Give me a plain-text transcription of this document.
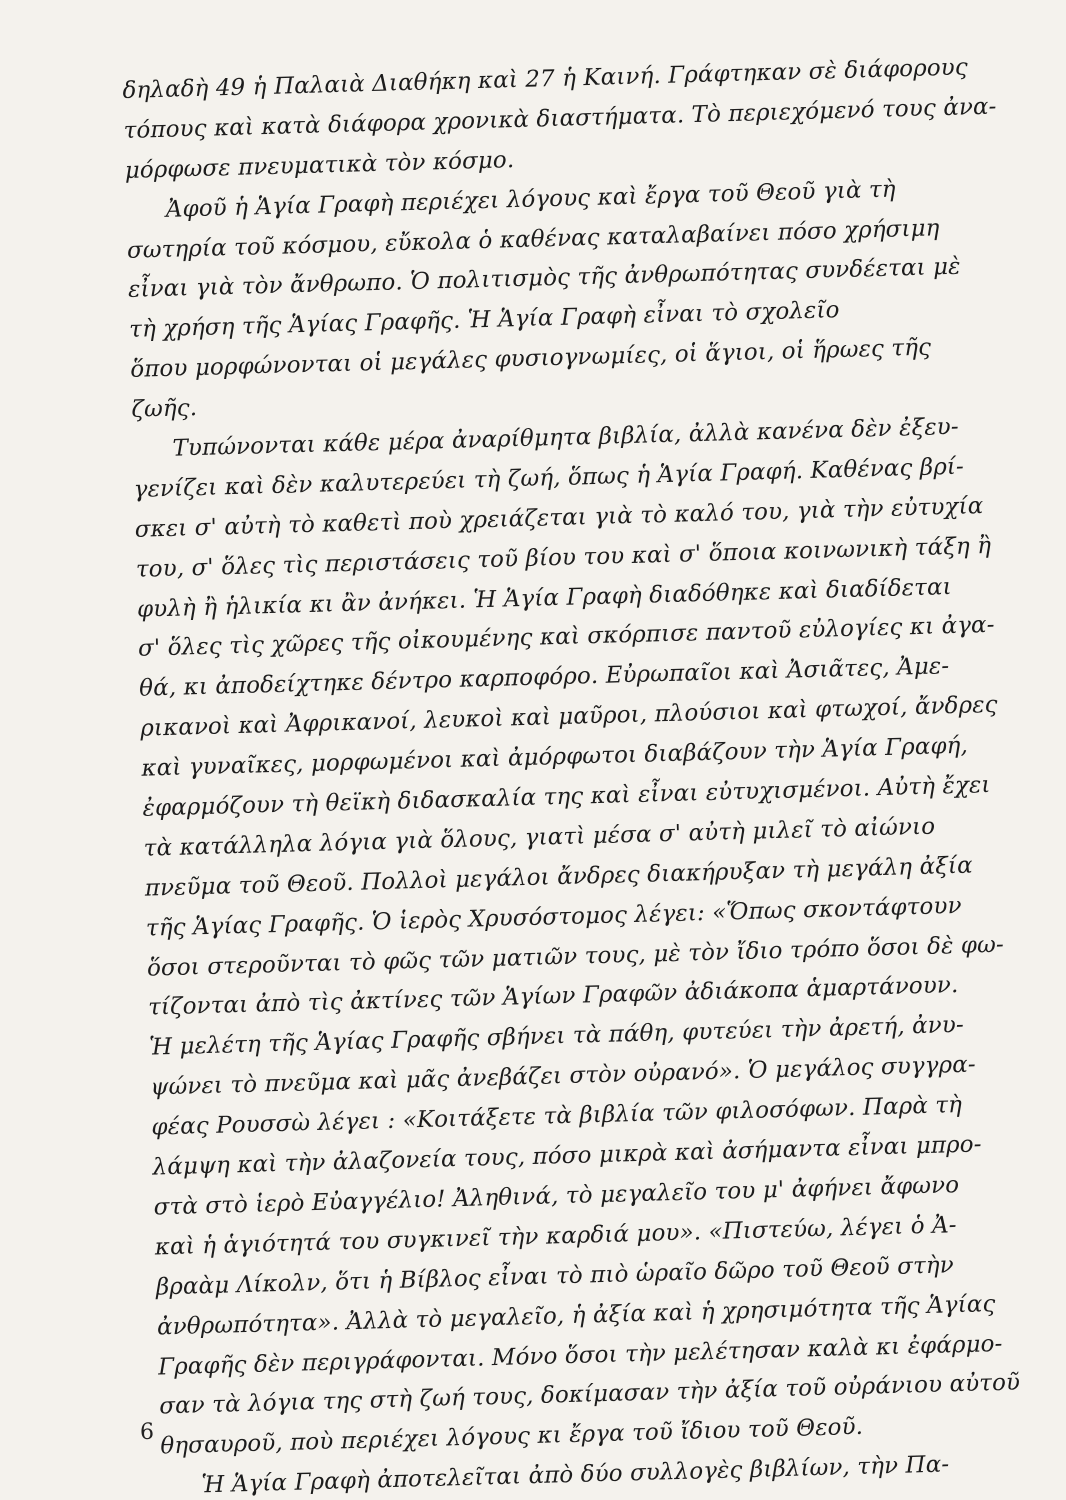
δηλαδὴ 49 ἡ Παλαιὰ Διαθήκη καὶ 27 ἡ Καινή. Γράφτηκαν σὲ διάφορους

τόπους καὶ κατὰ διάφορα χρονικὰ διαστήματα. Τὸ περιεχόμενό τους ἀνα-

μόρφωσε πνευματικὰ τὸν κόσμο.

Ἀφοῦ ἡ Ἁγία Γραφὴ περιέχει λόγους καὶ ἔργα τοῦ Θεοῦ γιὰ τὴ

σωτηρία τοῦ κόσμου, εὔκολα ὁ καθένας καταλαβαίνει πόσο χρήσιμη

εἶναι γιὰ τὸν ἄνθρωπο. Ὁ πολιτισμὸς τῆς ἀνθρωπότητας συνδέεται μὲ

τὴ χρήση τῆς Ἁγίας Γραφῆς. Ἡ Ἁγία Γραφὴ εἶναι τὸ σχολεῖο

ὅπου μορφώνονται οἱ μεγάλες φυσιογνωμίες, οἱ ἅγιοι, οἱ ἥρωες τῆς

ζωῆς.

Τυπώνονται κάθε μέρα ἀναρίθμητα βιβλία, ἀλλὰ κανένα δὲν ἐξευ-

γενίζει καὶ δὲν καλυτερεύει τὴ ζωή, ὅπως ἡ Ἁγία Γραφή. Καθένας βρί-

σκει σ' αὐτὴ τὸ καθετὶ ποὺ χρειάζεται γιὰ τὸ καλό του, γιὰ τὴν εὐτυχία

του, σ' ὅλες τὶς περιστάσεις τοῦ βίου του καὶ σ' ὅποια κοινωνικὴ τάξη ἢ

φυλὴ ἢ ἡλικία κι ἂν ἀνήκει. Ἡ Ἁγία Γραφὴ διαδόθηκε καὶ διαδίδεται

σ' ὅλες τὶς χῶρες τῆς οἰκουμένης καὶ σκόρπισε παντοῦ εὐλογίες κι ἀγα-

θά, κι ἀποδείχτηκε δέντρο καρποφόρο. Εὐρωπαῖοι καὶ Ἀσιᾶτες, Ἀμε-

ρικανοὶ καὶ Ἀφρικανοί, λευκοὶ καὶ μαῦροι, πλούσιοι καὶ φτωχοί, ἄνδρες

καὶ γυναῖκες, μορφωμένοι καὶ ἀμόρφωτοι διαβάζουν τὴν Ἁγία Γραφή,

ἐφαρμόζουν τὴ θεϊκὴ διδασκαλία της καὶ εἶναι εὐτυχισμένοι. Αὐτὴ ἔχει

τὰ κατάλληλα λόγια γιὰ ὅλους, γιατὶ μέσα σ' αὐτὴ μιλεῖ τὸ αἰώνιο

πνεῦμα τοῦ Θεοῦ. Πολλοὶ μεγάλοι ἄνδρες διακήρυξαν τὴ μεγάλη ἀξία

τῆς Ἁγίας Γραφῆς. Ὁ ἱερὸς Χρυσόστομος λέγει: «Ὅπως σκοντάφτουν

ὅσοι στεροῦνται τὸ φῶς τῶν ματιῶν τους, μὲ τὸν ἴδιο τρόπο ὅσοι δὲ φω-

τίζονται ἀπὸ τὶς ἀκτίνες τῶν Ἁγίων Γραφῶν ἀδιάκοπα ἁμαρτάνουν.

Ἡ μελέτη τῆς Ἁγίας Γραφῆς σβήνει τὰ πάθη, φυτεύει τὴν ἀρετή, ἀνυ-

ψώνει τὸ πνεῦμα καὶ μᾶς ἀνεβάζει στὸν οὐρανό». Ὁ μεγάλος συγγρα-

φέας Ρουσσὼ λέγει : «Κοιτάξετε τὰ βιβλία τῶν φιλοσόφων. Παρὰ τὴ

λάμψη καὶ τὴν ἀλαζονεία τους, πόσο μικρὰ καὶ ἀσήμαντα εἶναι μπρο-

στὰ στὸ ἱερὸ Εὐαγγέλιο! Ἀληθινά, τὸ μεγαλεῖο του μ' ἀφήνει ἄφωνο

καὶ ἡ ἁγιότητά του συγκινεῖ τὴν καρδιά μου». «Πιστεύω, λέγει ὁ Ἀ-

βραὰμ Λίκολν, ὅτι ἡ Βίβλος εἶναι τὸ πιὸ ὡραῖο δῶρο τοῦ Θεοῦ στὴν

ἀνθρωπότητα». Ἀλλὰ τὸ μεγαλεῖο, ἡ ἀξία καὶ ἡ χρησιμότητα τῆς Ἁγίας

Γραφῆς δὲν περιγράφονται. Μόνο ὅσοι τὴν μελέτησαν καλὰ κι ἐφάρμο-

σαν τὰ λόγια της στὴ ζωή τους, δοκίμασαν τὴν ἀξία τοῦ οὐράνιου αὐτοῦ

θησαυροῦ, ποὺ περιέχει λόγους κι ἔργα τοῦ ἴδιου τοῦ Θεοῦ.

Ἡ Ἁγία Γραφὴ ἀποτελεῖται ἀπὸ δύο συλλογὲς βιβλίων, τὴν Πα-

6
